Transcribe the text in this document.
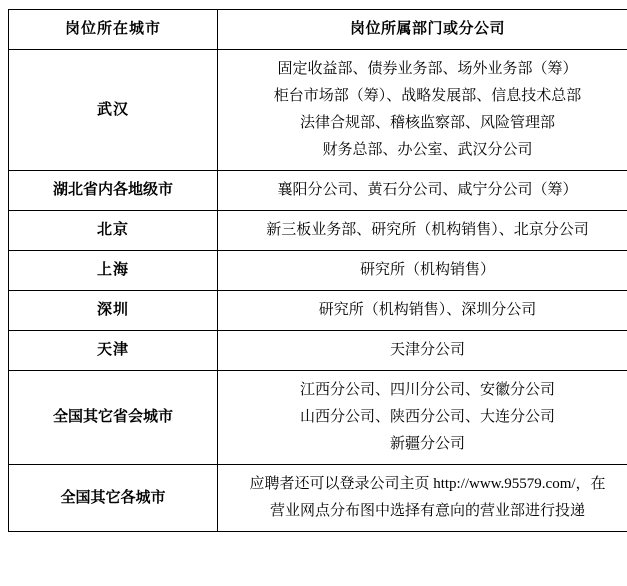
岗位所在城市	岗位所属部门或分公司

武汉	固定收益部、债券业务部、场外业务部（筹）
柜台市场部（筹）、战略发展部、信息技术总部
法律合规部、稽核监察部、风险管理部
财务总部、办公室、武汉分公司

湖北省内各地级市	襄阳分公司、黄石分公司、咸宁分公司（筹）

北京	新三板业务部、研究所（机构销售）、北京分公司

上海	研究所（机构销售）

深圳	研究所（机构销售）、深圳分公司

天津	天津分公司

全国其它省会城市	江西分公司、四川分公司、安徽分公司
山西分公司、陕西分公司、大连分公司
新疆分公司

全国其它各城市	应聘者还可以登录公司主页 http://www.95579.com/，在
营业网点分布图中选择有意向的营业部进行投递
